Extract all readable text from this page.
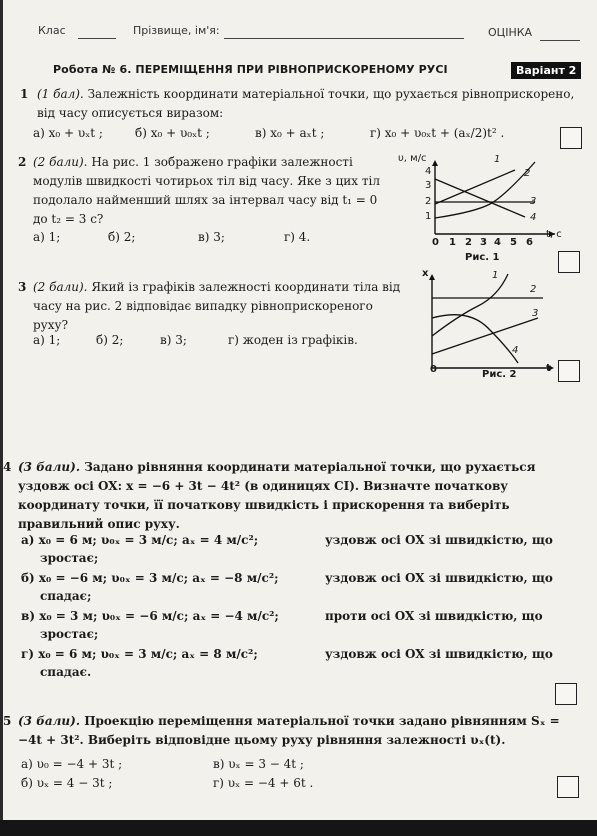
Клас	Прізвище, ім'я:	ОЦІНКА
Робота № 6. ПЕРЕМІЩЕННЯ ПРИ РІВНОПРИСКОРЕНОМУ РУСІ	Варіант 2
1 (1 бал). Залежність координати матеріальної точки, що рухається рівноприскорено, від часу описується виразом:
а) x₀ + υₓt ;	б) x₀ + υ₀ₓt ;	в) x₀ + aₓt ;	г) x₀ + υ₀ₓt + (aₓ/2)t² .
2 (2 бали). На рис. 1 зображено графіки залежності модулів швидкості чотирьох тіл від часу. Яке з цих тіл подолало найменший шлях за інтервал часу від t₁ = 0 до t₂ = 3 с?
а) 1;	б) 2;	в) 3;	г) 4.
υ, м/с
t, с
4
3
2
1
0 1 2 3 4 5 6
1
2
3
4
Рис. 1
3 (2 бали). Який із графіків залежності координати тіла від часу на рис. 2 відповідає випадку рівноприскореного руху?
а) 1;	б) 2;	в) 3;	г) жоден із графіків.
x
0	t
1
2
3
4
Рис. 2
4 (3 бали). Задано рівняння координати матеріальної точки, що рухається уздовж осі OX: x = −6 + 3t − 4t² (в одиницях СІ). Визначте початкову координату точки, її початкову швидкість і прискорення та виберіть правильний опис руху.
а) x₀ = 6 м; υ₀ₓ = 3 м/с; aₓ = 4 м/с²;	уздовж осі OX зі швидкістю, що
зростає;
б) x₀ = −6 м; υ₀ₓ = 3 м/с; aₓ = −8 м/с²;	уздовж осі OX зі швидкістю, що
спадає;
в) x₀ = 3 м; υ₀ₓ = −6 м/с; aₓ = −4 м/с²;	проти осі OX зі швидкістю, що
зростає;
г) x₀ = 6 м; υ₀ₓ = 3 м/с; aₓ = 8 м/с²;	уздовж осі OX зі швидкістю, що
спадає.
5 (3 бали). Проекцію переміщення матеріальної точки задано рівнянням Sₓ = −4t + 3t². Виберіть відповідне цьому руху рівняння залежності υₓ(t).
а) υ₀ = −4 + 3t ;
б) υₓ = 4 − 3t ;
в) υₓ = 3 − 4t ;
г) υₓ = −4 + 6t .
